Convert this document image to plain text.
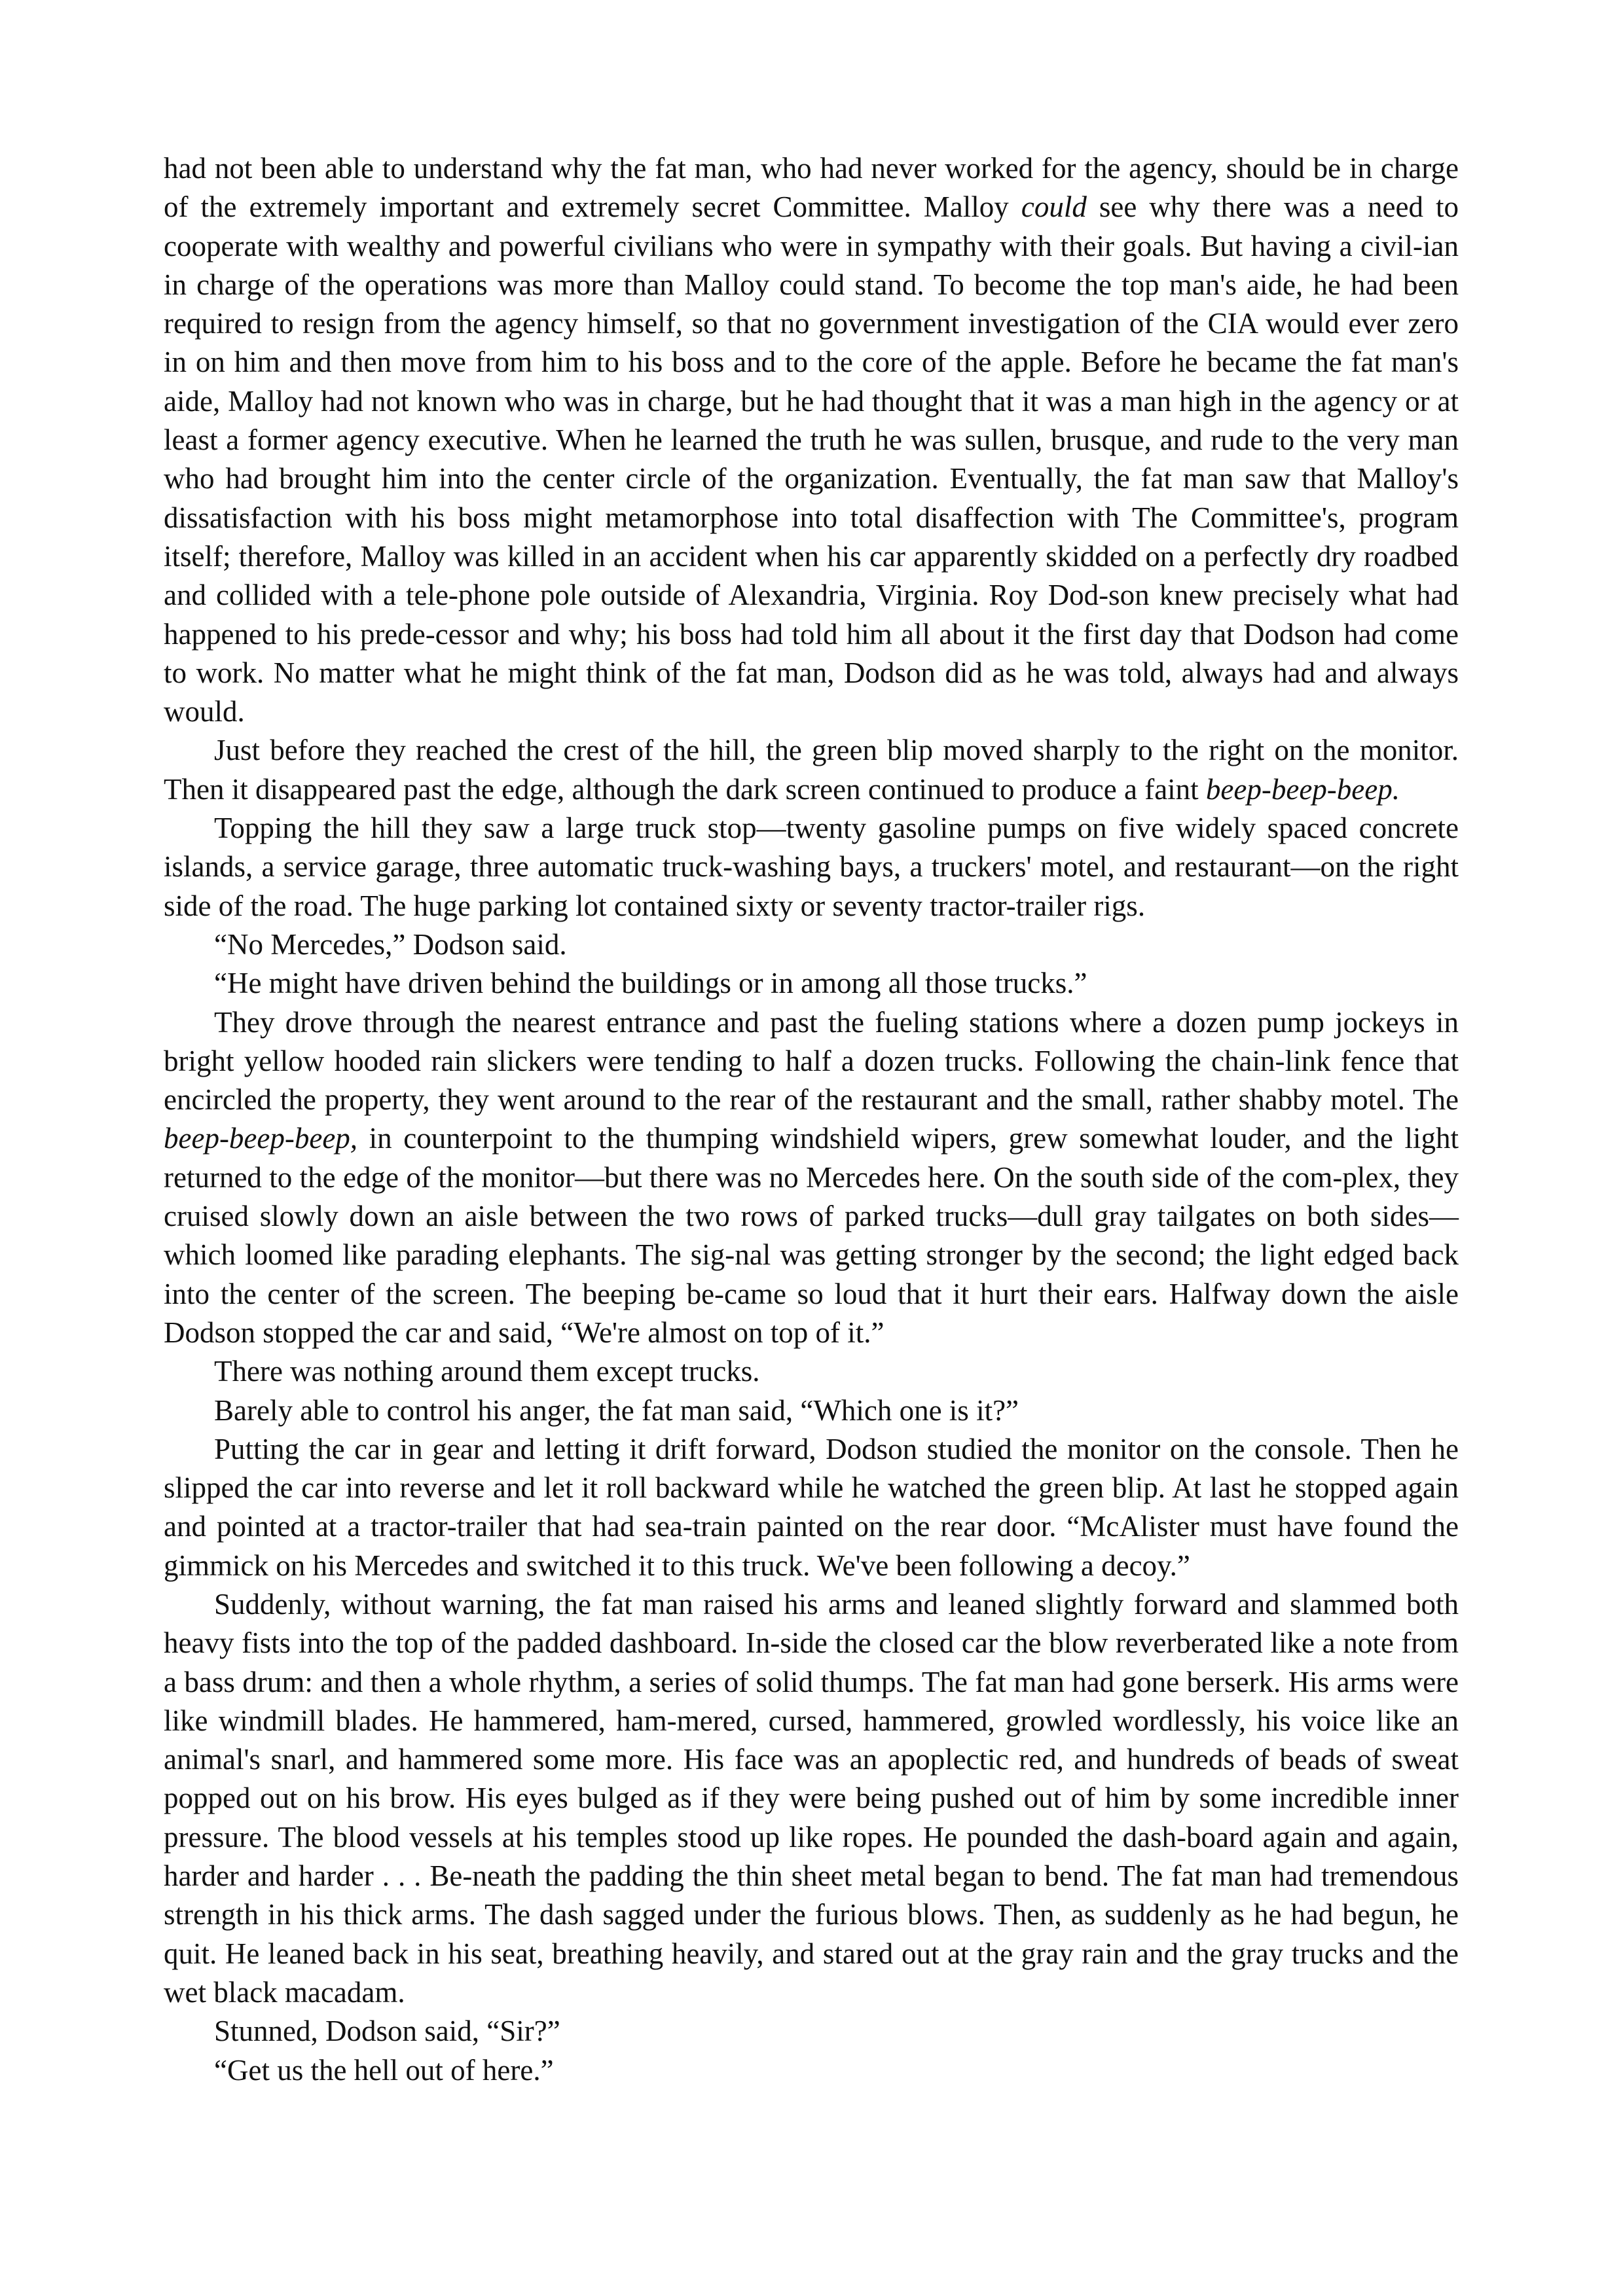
had not been able to understand why the fat man, who had never worked for the agency, should be in charge of the extremely important and extremely secret Committee. Malloy could see why there was a need to cooperate with wealthy and powerful civilians who were in sympathy with their goals. But having a civil-ian in charge of the operations was more than Malloy could stand. To become the top man's aide, he had been required to resign from the agency himself, so that no government investigation of the CIA would ever zero in on him and then move from him to his boss and to the core of the apple. Before he became the fat man's aide, Malloy had not known who was in charge, but he had thought that it was a man high in the agency or at least a former agency executive. When he learned the truth he was sullen, brusque, and rude to the very man who had brought him into the center circle of the organization. Eventually, the fat man saw that Malloy's dissatisfaction with his boss might metamorphose into total disaffection with The Committee's, program itself; therefore, Malloy was killed in an accident when his car apparently skidded on a perfectly dry roadbed and collided with a tele-phone pole outside of Alexandria, Virginia. Roy Dod-son knew precisely what had happened to his prede-cessor and why; his boss had told him all about it the first day that Dodson had come to work. No matter what he might think of the fat man, Dodson did as he was told, always had and always would.

Just before they reached the crest of the hill, the green blip moved sharply to the right on the monitor. Then it disappeared past the edge, although the dark screen continued to produce a faint beep-beep-beep.

Topping the hill they saw a large truck stop—twenty gasoline pumps on five widely spaced concrete islands, a service garage, three automatic truck-washing bays, a truckers' motel, and restaurant—on the right side of the road. The huge parking lot contained sixty or seventy tractor-trailer rigs.

“No Mercedes,” Dodson said.

“He might have driven behind the buildings or in among all those trucks.”

They drove through the nearest entrance and past the fueling stations where a dozen pump jockeys in bright yellow hooded rain slickers were tending to half a dozen trucks. Following the chain-link fence that encircled the property, they went around to the rear of the restaurant and the small, rather shabby motel. The beep-beep-beep, in counterpoint to the thumping windshield wipers, grew somewhat louder, and the light returned to the edge of the monitor—but there was no Mercedes here. On the south side of the com-plex, they cruised slowly down an aisle between the two rows of parked trucks—dull gray tailgates on both sides—which loomed like parading elephants. The sig-nal was getting stronger by the second; the light edged back into the center of the screen. The beeping be-came so loud that it hurt their ears. Halfway down the aisle Dodson stopped the car and said, “We're almost on top of it.”

There was nothing around them except trucks.

Barely able to control his anger, the fat man said, “Which one is it?”

Putting the car in gear and letting it drift forward, Dodson studied the monitor on the console. Then he slipped the car into reverse and let it roll backward while he watched the green blip. At last he stopped again and pointed at a tractor-trailer that had sea-train painted on the rear door. “McAlister must have found the gimmick on his Mercedes and switched it to this truck. We've been following a decoy.”

Suddenly, without warning, the fat man raised his arms and leaned slightly forward and slammed both heavy fists into the top of the padded dashboard. In-side the closed car the blow reverberated like a note from a bass drum: and then a whole rhythm, a series of solid thumps. The fat man had gone berserk. His arms were like windmill blades. He hammered, ham-mered, cursed, hammered, growled wordlessly, his voice like an animal's snarl, and hammered some more. His face was an apoplectic red, and hundreds of beads of sweat popped out on his brow. His eyes bulged as if they were being pushed out of him by some incredible inner pressure. The blood vessels at his temples stood up like ropes. He pounded the dash-board again and again, harder and harder . . . Be-neath the padding the thin sheet metal began to bend. The fat man had tremendous strength in his thick arms. The dash sagged under the furious blows. Then, as suddenly as he had begun, he quit. He leaned back in his seat, breathing heavily, and stared out at the gray rain and the gray trucks and the wet black macadam.

Stunned, Dodson said, “Sir?”

“Get us the hell out of here.”
